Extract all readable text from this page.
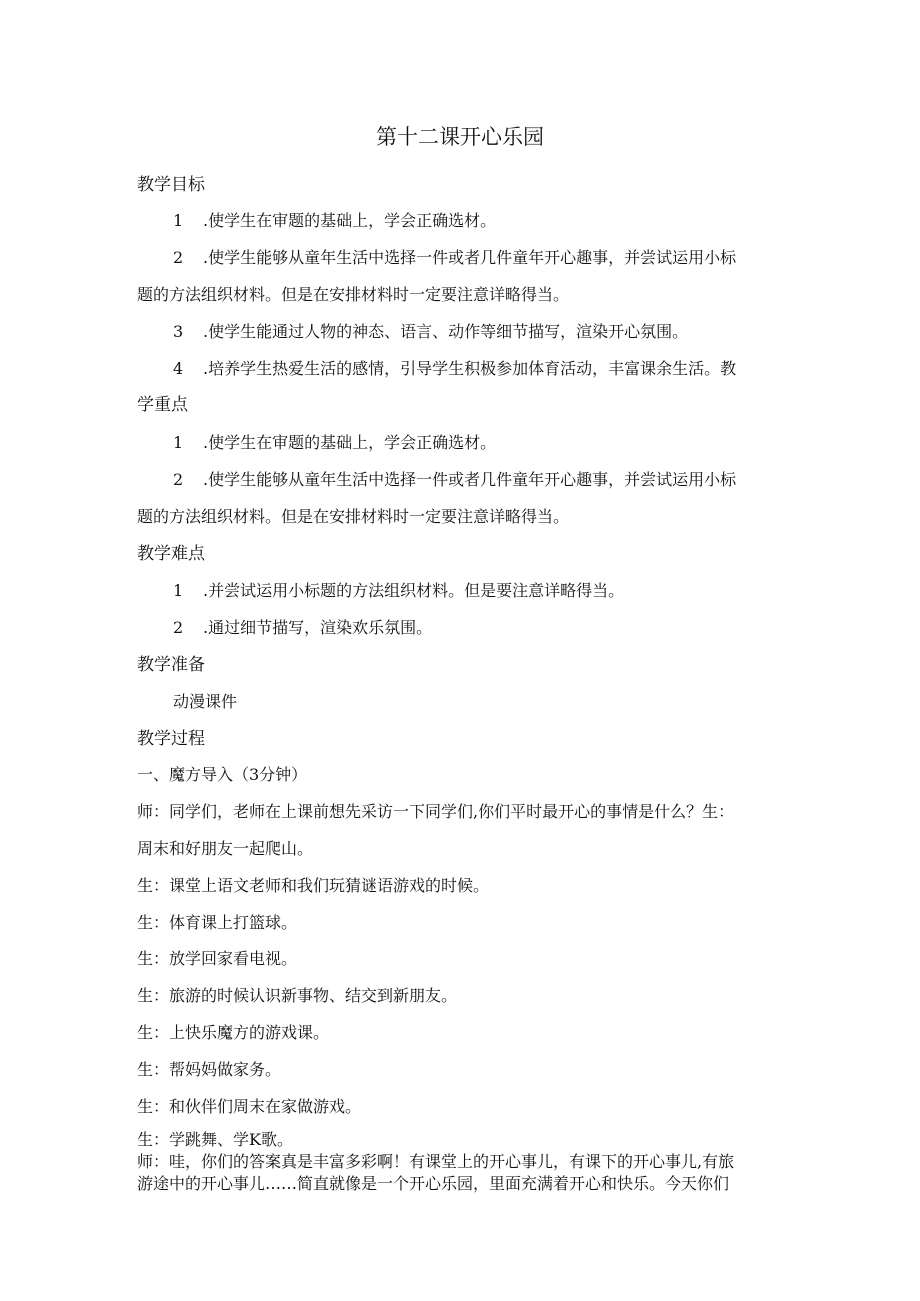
第十二课开心乐园
教学目标
1 .使学生在审题的基础上，学会正确选材。
2 .使学生能够从童年生活中选择一件或者几件童年开心趣事，并尝试运用小标
题的方法组织材料。但是在安排材料时一定要注意详略得当。
3 .使学生能通过人物的神态、语言、动作等细节描写，渲染开心氛围。
4 .培养学生热爱生活的感情，引导学生积极参加体育活动，丰富课余生活。教
学重点
1 .使学生在审题的基础上，学会正确选材。
2 .使学生能够从童年生活中选择一件或者几件童年开心趣事，并尝试运用小标
题的方法组织材料。但是在安排材料时一定要注意详略得当。
教学难点
1 .并尝试运用小标题的方法组织材料。但是要注意详略得当。
2 .通过细节描写，渲染欢乐氛围。
教学准备
动漫课件
教学过程
一、魔方导入（3分钟）
师：同学们，老师在上课前想先采访一下同学们,你们平时最开心的事情是什么？生：
周末和好朋友一起爬山。
生：课堂上语文老师和我们玩猜谜语游戏的时候。
生：体育课上打篮球。
生：放学回家看电视。
生：旅游的时候认识新事物、结交到新朋友。
生：上快乐魔方的游戏课。
生：帮妈妈做家务。
生：和伙伴们周末在家做游戏。
生：学跳舞、学K歌。
师：哇，你们的答案真是丰富多彩啊！有课堂上的开心事儿，有课下的开心事儿,有旅
游途中的开心事儿……简直就像是一个开心乐园，里面充满着开心和快乐。今天你们
